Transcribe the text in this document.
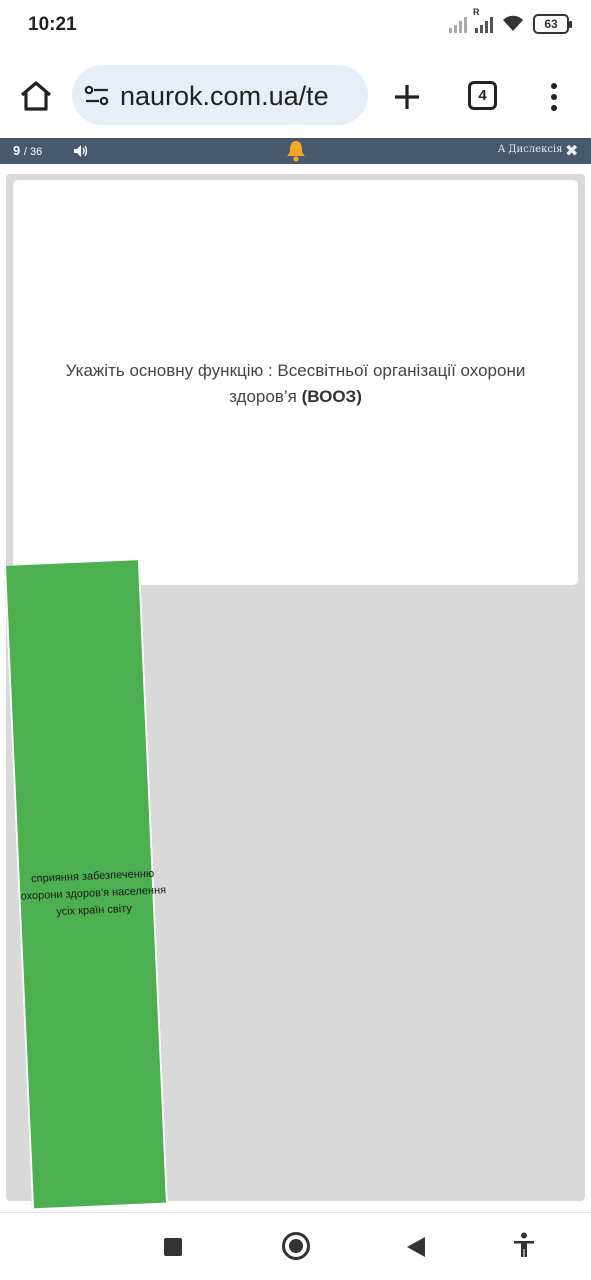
10:21
R
63
naurok.com.ua/te	4
9 / 36	A Дислексія ✖
Укажіть основну функцію : Всесвітньої організації охорони здоров’я (ВООЗ)
сприяння забезпеченню охорони здоров'я населення усіх країн світу
